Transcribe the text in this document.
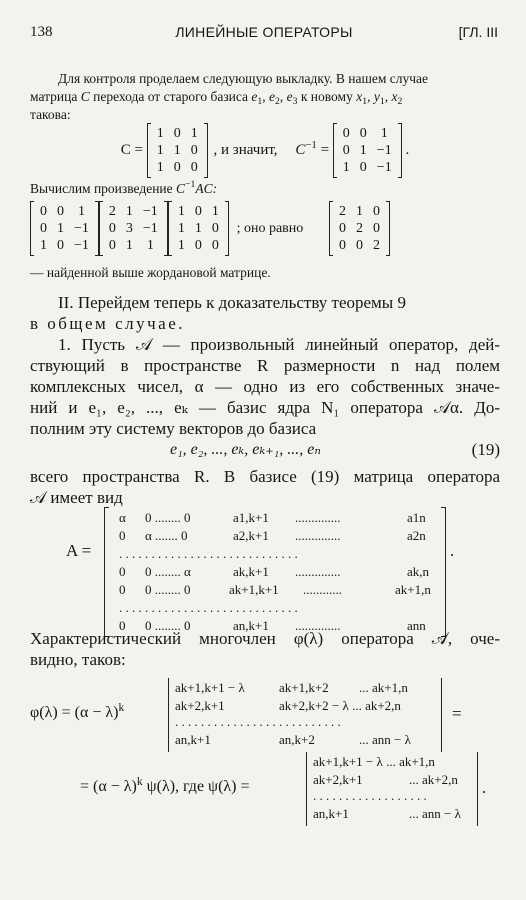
138	ЛИНЕЙНЫЕ ОПЕРАТОРЫ	[ГЛ. III
Для контроля проделаем следующую выкладку. В нашем случае
матрица C перехода от старого базиса $e_1$, $e_2$, $e_3$ к новому $x_1$, $y_1$, $x_2$
такова:
C =
1	0	1
1	1	0
1	0	0
, и значит, $C^{-1}$ =
0	0	1
0	1	−1
1	0	−1
.
Вычислим произведение $C^{-1}AC$:
0	0	1
0	1	−1
1	0	−1
2	1	−1
0	3	−1
0	1	1
1	0	1
1	1	0
1	0	0
; оно равно
2	1	0
0	2	0
0	0	2
— найденной выше жордановой матрице.
II. Перейдем теперь к доказательству теоремы 9
в общем случае.
1. Пусть 𝒜 — произвольный линейный оператор, дей-
ствующий в пространстве R размерности n над полем
комплексных чисел, α — одно из его собственных значе-
ний и e₁, e₂, ..., eₖ — базис ядра N₁ оператора 𝒜α. До-
полним эту систему векторов до базиса
e₁, e₂, ..., eₖ, eₖ₊₁, ..., eₙ	(19)
всего пространства R. В базисе (19) матрица оператора
𝒜 имеет вид
A =
α 0 ........ 0	a1,k+1 ..............	a1n
0 α ....... 0	a2,k+1 ..............	a2n
. . . . . . . . . . . . . . . . . . . . . . . . . . . .
0 0 ........ α	ak,k+1 ..............	ak,n
0 0 ........ 0	ak+1,k+1 ............	ak+1,n
. . . . . . . . . . . . . . . . . . . . . . . . . . . .
0 0 ........ 0	an,k+1 ..............	ann
.
Характеристический многочлен φ(λ) оператора 𝒜, оче-
видно, таков:
$\varphi(\lambda) = (\alpha - \lambda)^k$
ak+1,k+1 − λ	ak+1,k+2 ... ak+1,n
ak+2,k+1	ak+2,k+2 − λ ... ak+2,n
. . . . . . . . . . . . . . . . . . . . . . . . . .
an,k+1	an,k+2	... ann − λ
=
= $(\alpha - \lambda)^k$ ψ(λ), где ψ(λ) =
ak+1,k+1 − λ ... ak+1,n
ak+2,k+1	... ak+2,n
. . . . . . . . . . . . . . . . . .
an,k+1	... ann − λ
.
